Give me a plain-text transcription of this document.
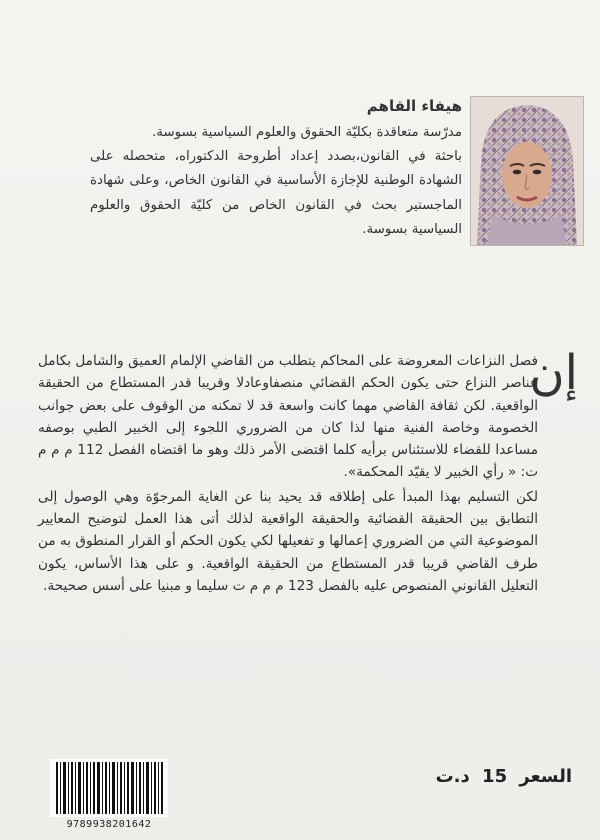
هيفاء القاهم

مدرّسة متعاقدة بكليّة الحقوق والعلوم السياسية بسوسة.

باحثة في القانون،بصدد إعداد أطروحة الدكتوراه، متحصله على الشهادة الوطنية للإجازة الأساسية في القانون الخاص، وعلى شهادة الماجستير بحث في القانون الخاص من كليّة الحقوق والعلوم السياسية بسوسة.

إن

فصل النزاعات المعروضة على المحاكم يتطلب من القاضي الإلمام العميق والشامل بكامل عناصر النزاع حتى يكون الحكم القضائي منصفاوعادلا وقريبا قدر المستطاع من الحقيقة الواقعية. لكن ثقافة القاضي مهما كانت واسعة قد لا تمكنه من الوقوف على بعض جوانب الخصومة وخاصة الفنية منها لذا كان من الضروري اللجوء إلى الخبير الطبي بوصفه مساعدا للقضاء للاستئناس برأيه كلما اقتضى الأمر ذلك وهو ما اقتضاه الفصل 112 م م م ت: « رأي الخبير لا يقيّد المحكمة».

لكن التسليم بهذا المبدأ على إطلاقه قد يحيد بنا عن الغاية المرجوّة وهي الوصول إلى التطابق بين الحقيقة القضائية والحقيقة الواقعية لذلك أتى هذا العمل لتوضيح المعايير الموضوعية التي من الضروري إعمالها و تفعيلها لكي يكون الحكم أو القرار المنطوق به من طرف القاضي قريبا قدر المستطاع من الحقيقة الواقعية. و على هذا الأساس، يكون التعليل القانوني المنصوص عليه بالفصل 123 م م م ت سليما و مبنيا على أسس صحيحة.

السعر 15 د.ت
9789938201642
